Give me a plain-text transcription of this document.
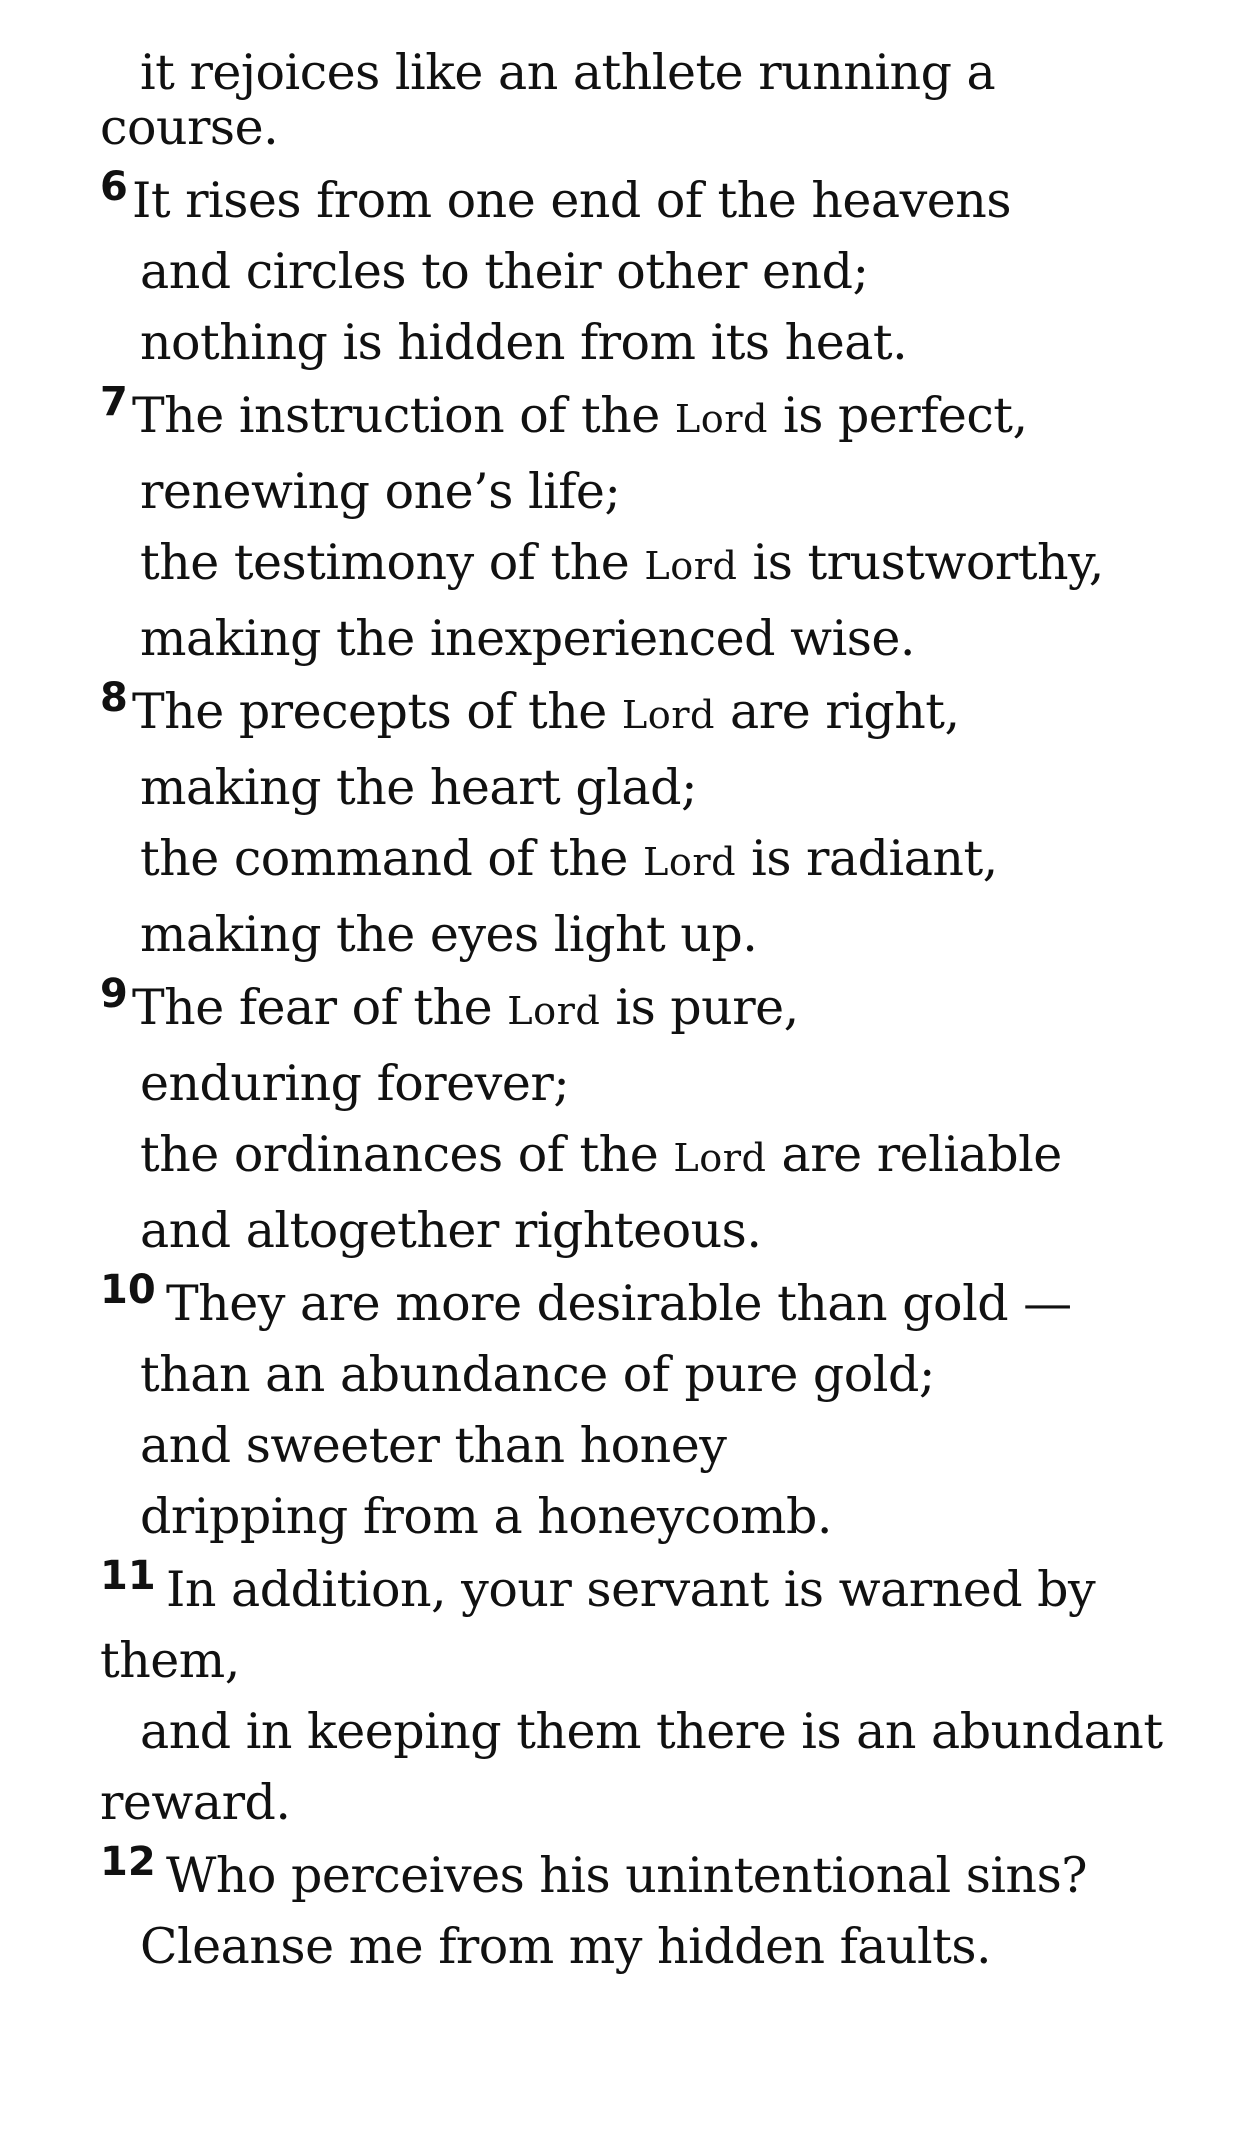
it rejoices like an athlete running a
course.
6 It rises from one end of the heavens
and circles to their other end;
nothing is hidden from its heat.
7 The instruction of the Lord is perfect,
renewing one’s life;
the testimony of the Lord is trustworthy,
making the inexperienced wise.
8 The precepts of the Lord are right,
making the heart glad;
the command of the Lord is radiant,
making the eyes light up.
9 The fear of the Lord is pure,
enduring forever;
the ordinances of the Lord are reliable
and altogether righteous.
10 They are more desirable than gold —
than an abundance of pure gold;
and sweeter than honey
dripping from a honeycomb.
11 In addition, your servant is warned by
them,
and in keeping them there is an abundant
reward.
12 Who perceives his unintentional sins?
Cleanse me from my hidden faults.
